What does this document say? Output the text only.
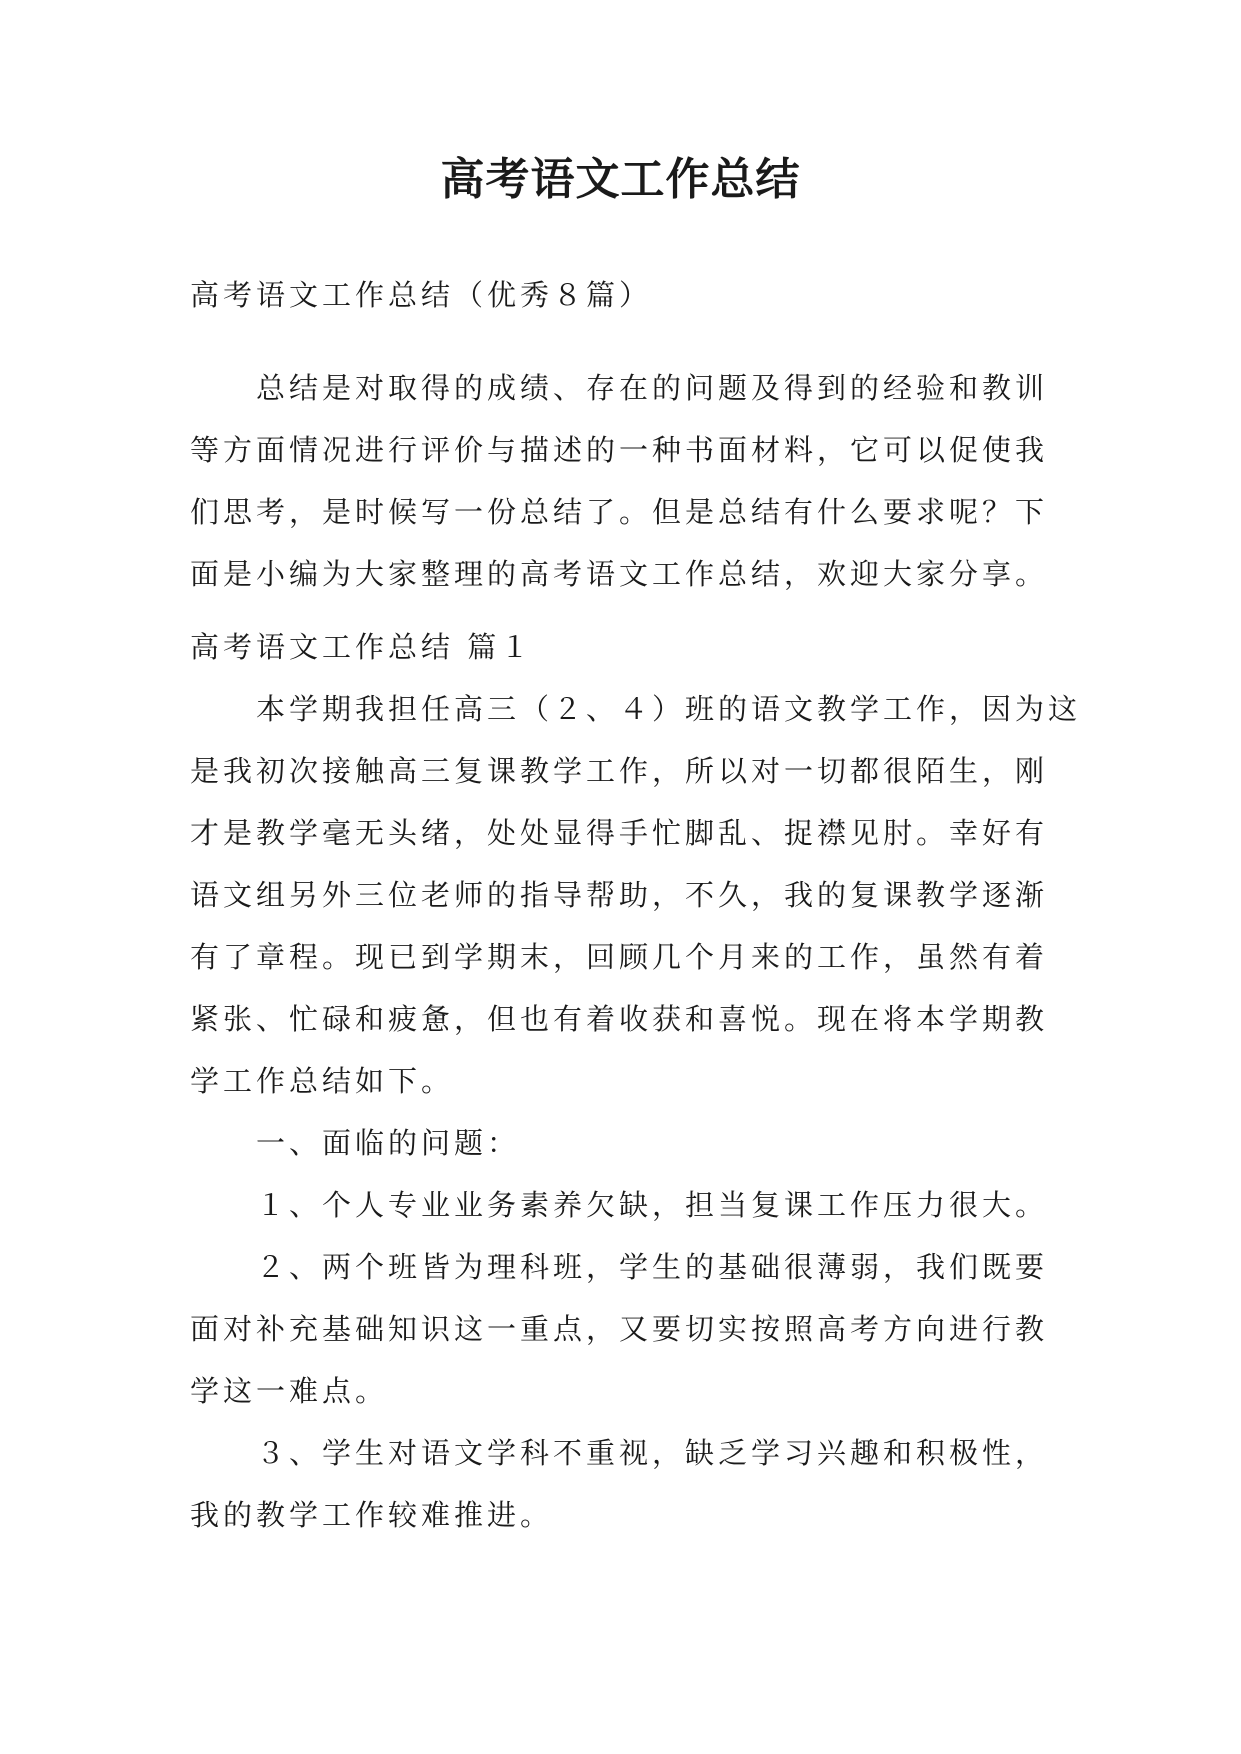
高考语文工作总结
高考语文工作总结（优秀８篇）
总结是对取得的成绩、存在的问题及得到的经验和教训
等方面情况进行评价与描述的一种书面材料，它可以促使我
们思考，是时候写一份总结了。但是总结有什么要求呢？下
面是小编为大家整理的高考语文工作总结，欢迎大家分享。
高考语文工作总结 篇１
本学期我担任高三（２、４）班的语文教学工作，因为这
是我初次接触高三复课教学工作，所以对一切都很陌生，刚
才是教学毫无头绪，处处显得手忙脚乱、捉襟见肘。幸好有
语文组另外三位老师的指导帮助，不久，我的复课教学逐渐
有了章程。现已到学期末，回顾几个月来的工作，虽然有着
紧张、忙碌和疲惫，但也有着收获和喜悦。现在将本学期教
学工作总结如下。
一、面临的问题：
１、个人专业业务素养欠缺，担当复课工作压力很大。
２、两个班皆为理科班，学生的基础很薄弱，我们既要
面对补充基础知识这一重点，又要切实按照高考方向进行教
学这一难点。
３、学生对语文学科不重视，缺乏学习兴趣和积极性，
我的教学工作较难推进。
